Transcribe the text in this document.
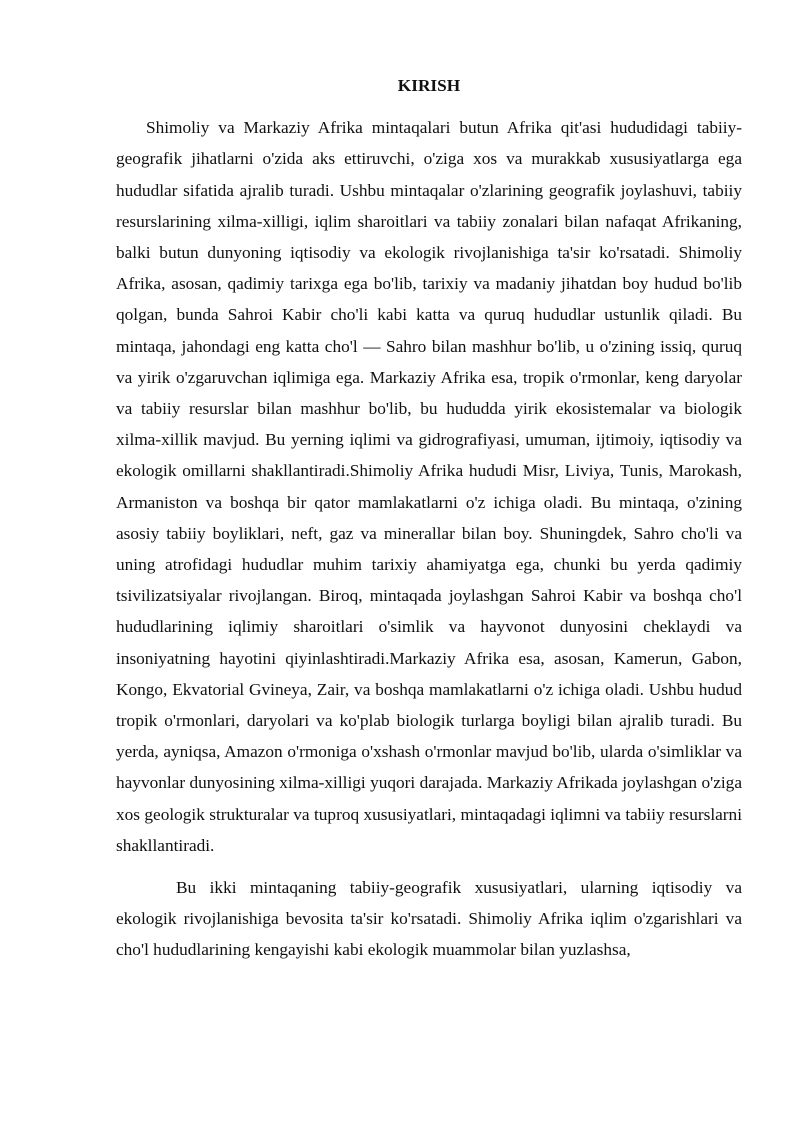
KIRISH

Shimoliy va Markaziy Afrika mintaqalari butun Afrika qit'asi hududidagi tabiiy-geografik jihatlarni o'zida aks ettiruvchi, o'ziga xos va murakkab xususiyatlarga ega hududlar sifatida ajralib turadi. Ushbu mintaqalar o'zlarining geografik joylashuvi, tabiiy resurslarining xilma-xilligi, iqlim sharoitlari va tabiiy zonalari bilan nafaqat Afrikaning, balki butun dunyoning iqtisodiy va ekologik rivojlanishiga ta'sir ko'rsatadi. Shimoliy Afrika, asosan, qadimiy tarixga ega bo'lib, tarixiy va madaniy jihatdan boy hudud bo'lib qolgan, bunda Sahroi Kabir cho'li kabi katta va quruq hududlar ustunlik qiladi. Bu mintaqa, jahondagi eng katta cho'l — Sahro bilan mashhur bo'lib, u o'zining issiq, quruq va yirik o'zgaruvchan iqlimiga ega. Markaziy Afrika esa, tropik o'rmonlar, keng daryolar va tabiiy resurslar bilan mashhur bo'lib, bu hududda yirik ekosistemalar va biologik xilma-xillik mavjud. Bu yerning iqlimi va gidrografiyasi, umuman, ijtimoiy, iqtisodiy va ekologik omillarni shakllantiradi.Shimoliy Afrika hududi Misr, Liviya, Tunis, Marokash, Armaniston va boshqa bir qator mamlakatlarni o'z ichiga oladi. Bu mintaqa, o'zining asosiy tabiiy boyliklari, neft, gaz va minerallar bilan boy. Shuningdek, Sahro cho'li va uning atrofidagi hududlar muhim tarixiy ahamiyatga ega, chunki bu yerda qadimiy tsivilizatsiyalar rivojlangan. Biroq, mintaqada joylashgan Sahroi Kabir va boshqa cho'l hududlarining iqlimiy sharoitlari o'simlik va hayvonot dunyosini cheklaydi va insoniyatning hayotini qiyinlashtiradi.Markaziy Afrika esa, asosan, Kamerun, Gabon, Kongo, Ekvatorial Gvineya, Zair, va boshqa mamlakatlarni o'z ichiga oladi. Ushbu hudud tropik o'rmonlari, daryolari va ko'plab biologik turlarga boyligi bilan ajralib turadi. Bu yerda, ayniqsa, Amazon o'rmoniga o'xshash o'rmonlar mavjud bo'lib, ularda o'simliklar va hayvonlar dunyosining xilma-xilligi yuqori darajada. Markaziy Afrikada joylashgan o'ziga xos geologik strukturalar va tuproq xususiyatlari, mintaqadagi iqlimni va tabiiy resurslarni shakllantiradi.

Bu ikki mintaqaning tabiiy-geografik xususiyatlari, ularning iqtisodiy va ekologik rivojlanishiga bevosita ta'sir ko'rsatadi. Shimoliy Afrika iqlim o'zgarishlari va cho'l hududlarining kengayishi kabi ekologik muammolar bilan yuzlashsa,
